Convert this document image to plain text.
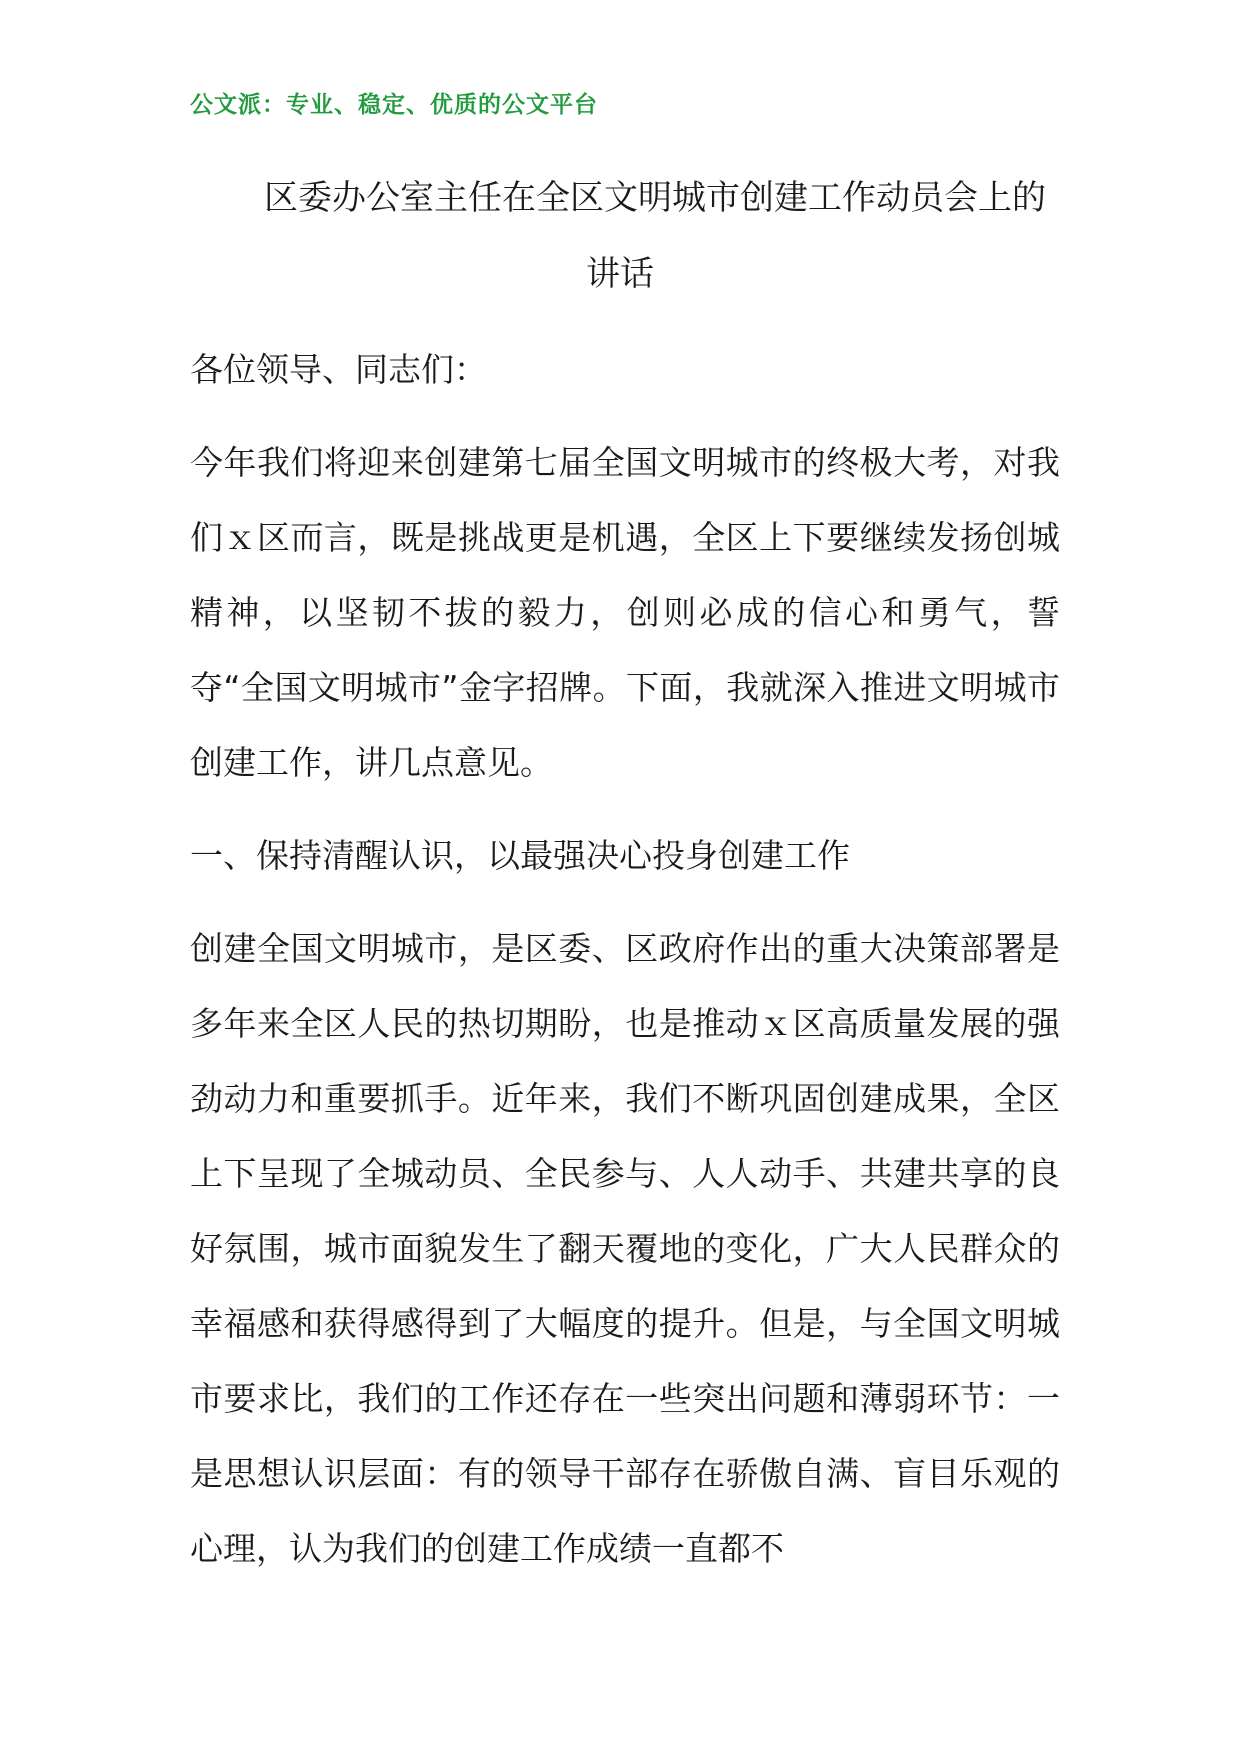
公文派：专业、稳定、优质的公文平台
区委办公室主任在全区文明城市创建工作动员会上的
讲话

各位领导、同志们：

今年我们将迎来创建第七届全国文明城市的终极大考，对我们ｘ区而言，既是挑战更是机遇，全区上下要继续发扬创城精神，以坚韧不拔的毅力，创则必成的信心和勇气，誓夺“全国文明城市”金字招牌。下面，我就深入推进文明城市创建工作，讲几点意见。

一、保持清醒认识，以最强决心投身创建工作

创建全国文明城市，是区委、区政府作出的重大决策部署是多年来全区人民的热切期盼，也是推动ｘ区高质量发展的强劲动力和重要抓手。近年来，我们不断巩固创建成果，全区上下呈现了全城动员、全民参与、人人动手、共建共享的良好氛围，城市面貌发生了翻天覆地的变化，广大人民群众的幸福感和获得感得到了大幅度的提升。但是，与全国文明城市要求比，我们的工作还存在一些突出问题和薄弱环节：一是思想认识层面：有的领导干部存在骄傲自满、盲目乐观的心理，认为我们的创建工作成绩一直都不
